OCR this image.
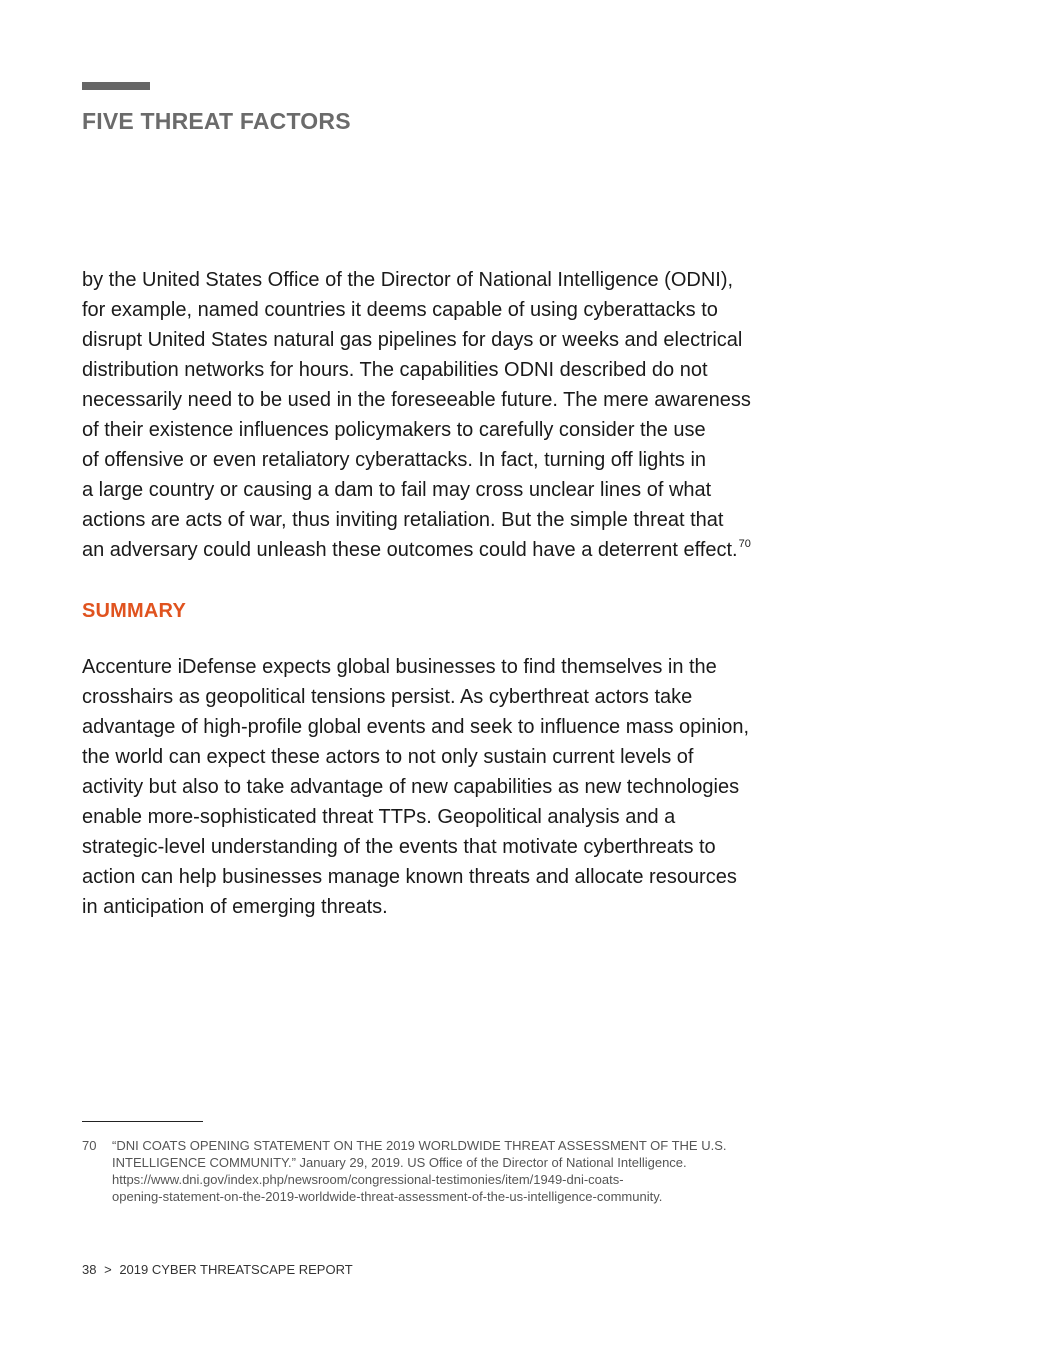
FIVE THREAT FACTORS

by the United States Office of the Director of National Intelligence (ODNI),
for example, named countries it deems capable of using cyberattacks to
disrupt United States natural gas pipelines for days or weeks and electrical
distribution networks for hours. The capabilities ODNI described do not
necessarily need to be used in the foreseeable future. The mere awareness
of their existence influences policymakers to carefully consider the use
of offensive or even retaliatory cyberattacks. In fact, turning off lights in
a large country or causing a dam to fail may cross unclear lines of what
actions are acts of war, thus inviting retaliation. But the simple threat that
an adversary could unleash these outcomes could have a deterrent effect.$^{70}$

SUMMARY

Accenture iDefense expects global businesses to find themselves in the
crosshairs as geopolitical tensions persist. As cyberthreat actors take
advantage of high-profile global events and seek to influence mass opinion,
the world can expect these actors to not only sustain current levels of
activity but also to take advantage of new capabilities as new technologies
enable more-sophisticated threat TTPs. Geopolitical analysis and a
strategic-level understanding of the events that motivate cyberthreats to
action can help businesses manage known threats and allocate resources
in anticipation of emerging threats.

70 “DNI COATS OPENING STATEMENT ON THE 2019 WORLDWIDE THREAT ASSESSMENT OF THE U.S.
INTELLIGENCE COMMUNITY.” January 29, 2019. US Office of the Director of National Intelligence.
https://www.dni.gov/index.php/newsroom/congressional-testimonies/item/1949-dni-coats-
opening-statement-on-the-2019-worldwide-threat-assessment-of-the-us-intelligence-community.
38 > 2019 CYBER THREATSCAPE REPORT
